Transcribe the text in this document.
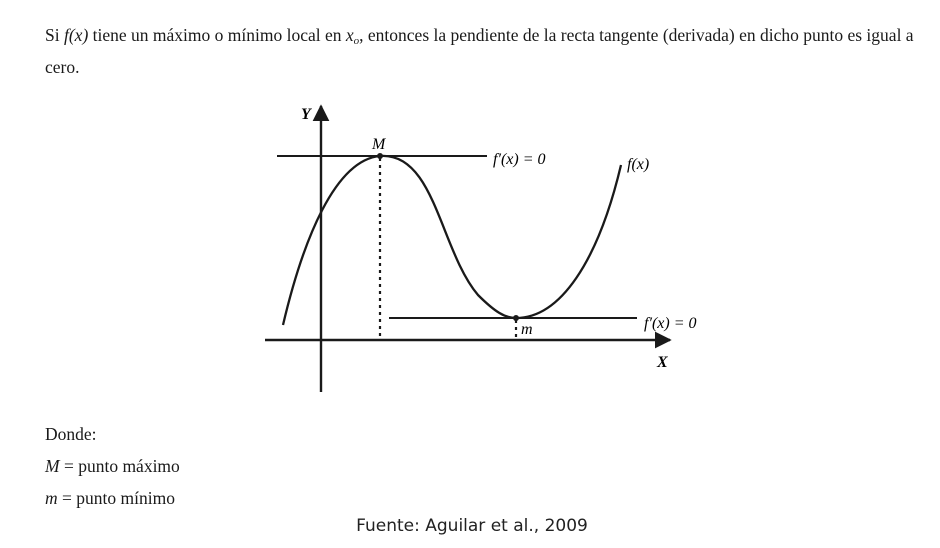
Si f(x) tiene un máximo o mínimo local en $x_o$, entonces la pendiente de la recta tangente (derivada) en dicho punto es igual a cero.
Y
X
M
m
f(x)
f′(x) = 0
f′(x) = 0
Donde:
M = punto máximo
m = punto mínimo
Fuente: Aguilar et al., 2009
